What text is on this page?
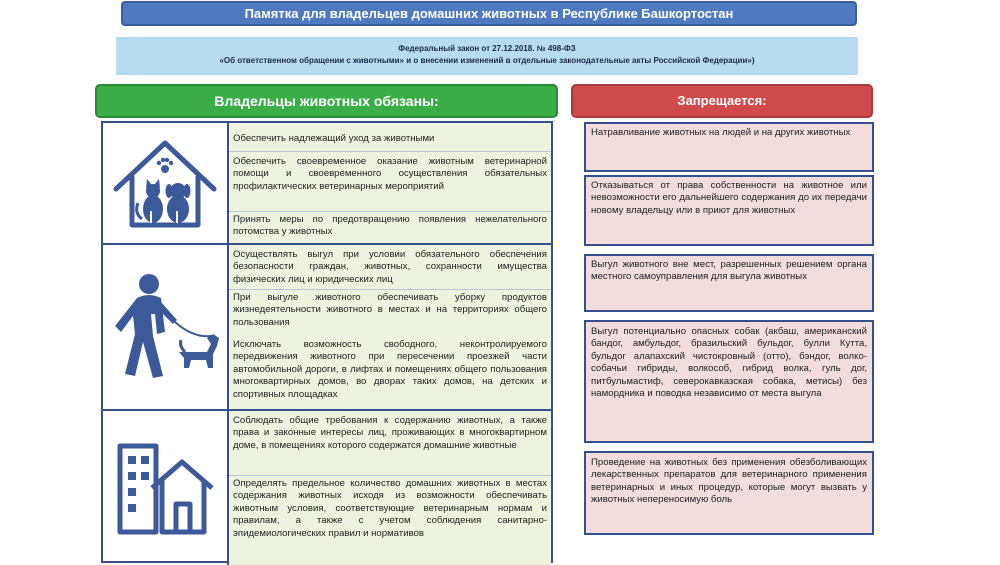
Памятка для владельцев домашних животных в Республике Башкортостан
Федеральный закон от 27.12.2018. № 498-ФЗ
«Об ответственном обращении с животными» и о внесении изменений в отдельные законодательные акты Российской Федерации»)
Владельцы животных обязаны:	Запрещается:
Обеспечить надлежащий уход за животными
Обеспечить своевременное оказание животным ветеринарной помощи и своевременного осуществления обязательных профилактических ветеринарных мероприятий
Принять меры по предотвращению появления нежелательного потомства у животных
Осуществлять выгул при условии обязательного обеспечения безопасности граждан, животных, сохранности имущества физических лиц и юридических лиц
При выгуле животного обеспечивать уборку продуктов жизнедеятельности животного в местах и на территориях общего пользования
Исключать возможность свободного, неконтролируемого передвижения животного при пересечении проезжей части автомобильной дороги, в лифтах и помещениях общего пользования многоквартирных домов, во дворах таких домов, на детских и спортивных площадках
Соблюдать общие требования к содержанию животных, а также права и законные интересы лиц, проживающих в многоквартирном доме, в помещениях которого содержатся домашние животные
Определять предельное количество домашних животных в местах содержания животных исходя из возможности обеспечивать животным условия, соответствующие ветеринарным нормам и правилам, а также с учетом соблюдения санитарно-эпидемиологических правил и нормативов
Натравливание животных на людей и на других животных
Отказываться от права собственности на животное или невозможности его дальнейшего содержания до их передачи новому владельцу или в приют для животных
Выгул животного вне мест, разрешенных решением органа местного самоуправления для выгула животных
Выгул потенциально опасных собак (акбаш, американский бандог, амбульдог, бразильский бульдог, булли Кутта, бульдог алапахский чистокровный (отто), бэндог, волко-собачьи гибриды, волкособ, гибрид волка, гуль дог, питбульмастиф, северокавказская собака, метисы) без намордника и поводка независимо от места выгула
Проведение на животных без применения обезболивающих лекарственных препаратов для ветеринарного применения ветеринарных и иных процедур, которые могут вызвать у животных непереносимую боль
